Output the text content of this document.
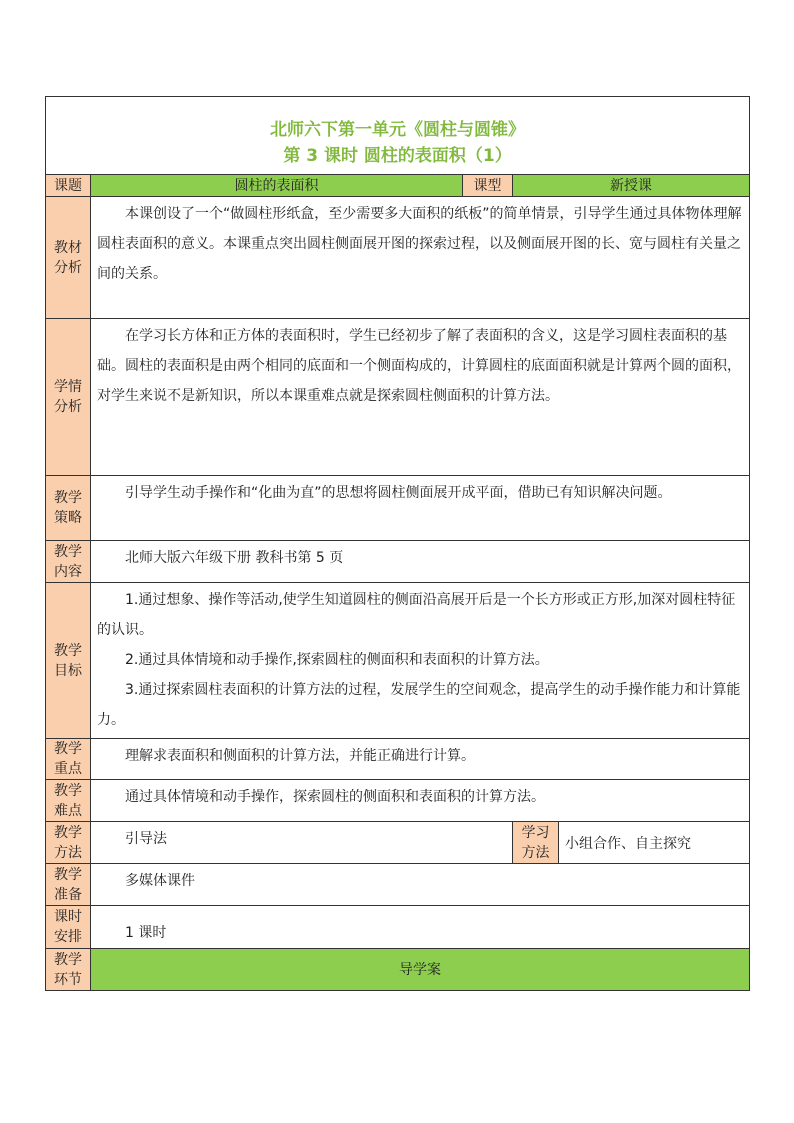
北师六下第一单元《圆柱与圆锥》
第 3 课时 圆柱的表面积（1）				

课题	圆柱的表面积	课型	新授课	
教材分析	本课创设了一个“做圆柱形纸盒，至少需要多大面积的纸板”的简单情景，引导学生通过具体物体理解圆柱表面积的意义。本课重点突出圆柱侧面展开图的探索过程，以及侧面展开图的长、宽与圆柱有关量之间的关系。			

学情分析	在学习长方体和正方体的表面积时，学生已经初步了解了表面积的含义，这是学习圆柱表面积的基础。圆柱的表面积是由两个相同的底面和一个侧面构成的，计算圆柱的底面面积就是计算两个圆的面积，对学生来说不是新知识，所以本课重难点就是探索圆柱侧面积的计算方法。			

教学策略	引导学生动手操作和“化曲为直”的思想将圆柱侧面展开成平面，借助已有知识解决问题。			

教学内容	北师大版六年级下册 教科书第 5 页			

教学目标	1.通过想象、操作等活动,使学生知道圆柱的侧面沿高展开后是一个长方形或正方形,加深对圆柱特征的认识。

2.通过具体情境和动手操作,探索圆柱的侧面积和表面积的计算方法。

3.通过探索圆柱表面积的计算方法的过程，发展学生的空间观念，提高学生的动手操作能力和计算能力。			

教学重点	理解求表面积和侧面积的计算方法，并能正确进行计算。			

教学难点	通过具体情境和动手操作，探索圆柱的侧面积和表面积的计算方法。			

教学方法	引导法		学习方法	小组合作、自主探究
教学准备	多媒体课件			

课时安排	1 课时			

教学环节	导学案			
